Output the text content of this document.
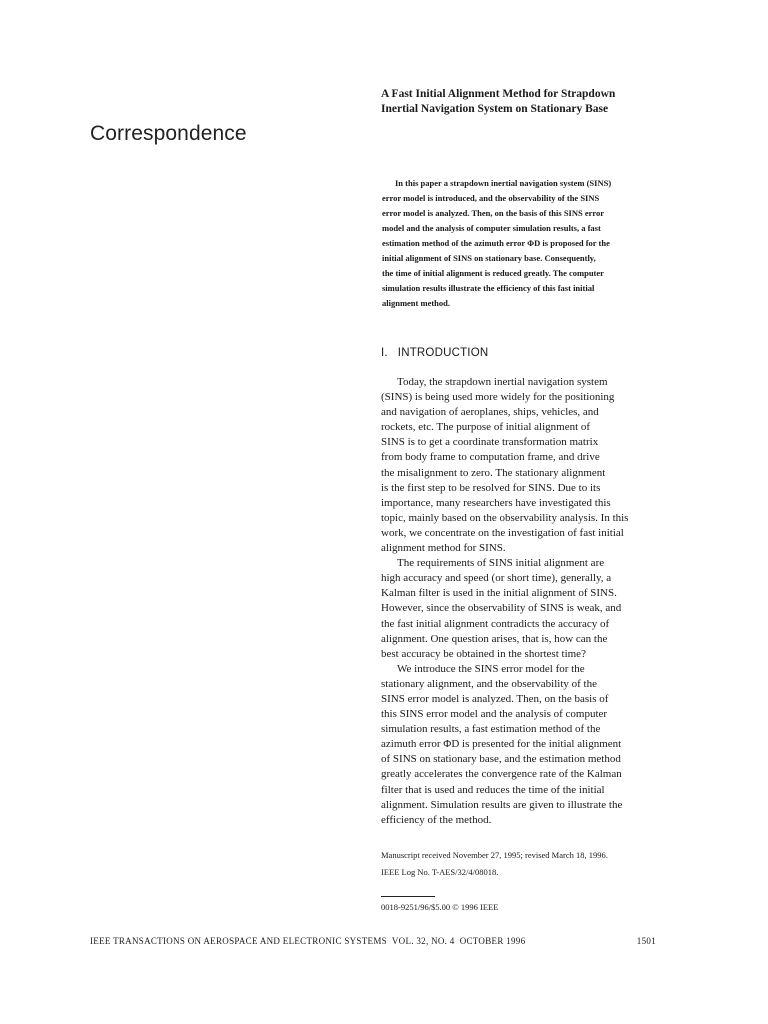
Correspondence
A Fast Initial Alignment Method for Strapdown
Inertial Navigation System on Stationary Base
In this paper a strapdown inertial navigation system (SINS)
error model is introduced, and the observability of the SINS
error model is analyzed. Then, on the basis of this SINS error
model and the analysis of computer simulation results, a fast
estimation method of the azimuth error ΦD is proposed for the
initial alignment of SINS on stationary base. Consequently,
the time of initial alignment is reduced greatly. The computer
simulation results illustrate the efficiency of this fast initial
alignment method.
I. INTRODUCTION
Today, the strapdown inertial navigation system
(SINS) is being used more widely for the positioning
and navigation of aeroplanes, ships, vehicles, and
rockets, etc. The purpose of initial alignment of
SINS is to get a coordinate transformation matrix
from body frame to computation frame, and drive
the misalignment to zero. The stationary alignment
is the first step to be resolved for SINS. Due to its
importance, many researchers have investigated this
topic, mainly based on the observability analysis. In this
work, we concentrate on the investigation of fast initial
alignment method for SINS.
The requirements of SINS initial alignment are
high accuracy and speed (or short time), generally, a
Kalman filter is used in the initial alignment of SINS.
However, since the observability of SINS is weak, and
the fast initial alignment contradicts the accuracy of
alignment. One question arises, that is, how can the
best accuracy be obtained in the shortest time?
We introduce the SINS error model for the
stationary alignment, and the observability of the
SINS error model is analyzed. Then, on the basis of
this SINS error model and the analysis of computer
simulation results, a fast estimation method of the
azimuth error ΦD is presented for the initial alignment
of SINS on stationary base, and the estimation method
greatly accelerates the convergence rate of the Kalman
filter that is used and reduces the time of the initial
alignment. Simulation results are given to illustrate the
efficiency of the method.
Manuscript received November 27, 1995; revised March 18, 1996.
IEEE Log No. T-AES/32/4/08018.
0018-9251/96/$5.00 © 1996 IEEE
IEEE TRANSACTIONS ON AEROSPACE AND ELECTRONIC SYSTEMS VOL. 32, NO. 4 OCTOBER 1996	1501
